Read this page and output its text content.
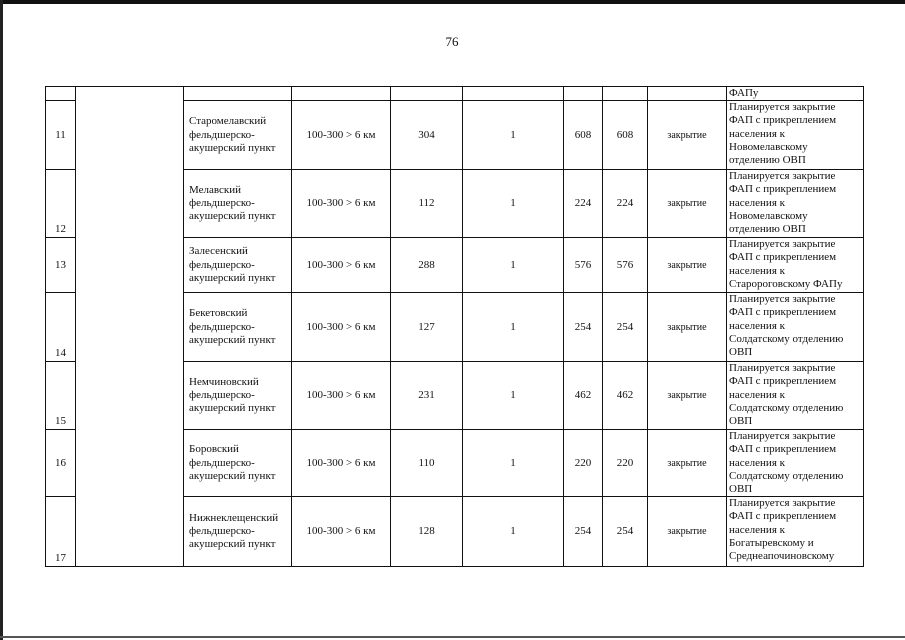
76
									ФАПу
11		Старомелавский
фельдшерско-
акушерский пункт	100-300 > 6 км	304	1	608	608	закрытие	Планируется закрытие
ФАП с прикреплением
населения к
Новомелавскому
отделению ОВП

12		Мелавский
фельдшерско-
акушерский пункт	100-300 > 6 км	112	1	224	224	закрытие	Планируется закрытие
ФАП с прикреплением
населения к
Новомелавскому
отделению ОВП

13		Залесенский
фельдшерско-
акушерский пункт	100-300 > 6 км	288	1	576	576	закрытие	Планируется закрытие
ФАП с прикреплением
населения к
Старороговскому ФАПу

14		Бекетовский
фельдшерско-
акушерский пункт	100-300 > 6 км	127	1	254	254	закрытие	Планируется закрытие
ФАП с прикреплением
населения к
Солдатскому отделению
ОВП

15		Немчиновский
фельдшерско-
акушерский пункт	100-300 > 6 км	231	1	462	462	закрытие	Планируется закрытие
ФАП с прикреплением
населения к
Солдатскому отделению
ОВП

16		Боровский
фельдшерско-
акушерский пункт	100-300 > 6 км	110	1	220	220	закрытие	Планируется закрытие
ФАП с прикреплением
населения к
Солдатскому отделению
ОВП

17		Нижнеклещенский
фельдшерско-
акушерский пункт	100-300 > 6 км	128	1	254	254	закрытие	Планируется закрытие
ФАП с прикреплением
населения к
Богатыревскому и
Среднеапочиновскому
